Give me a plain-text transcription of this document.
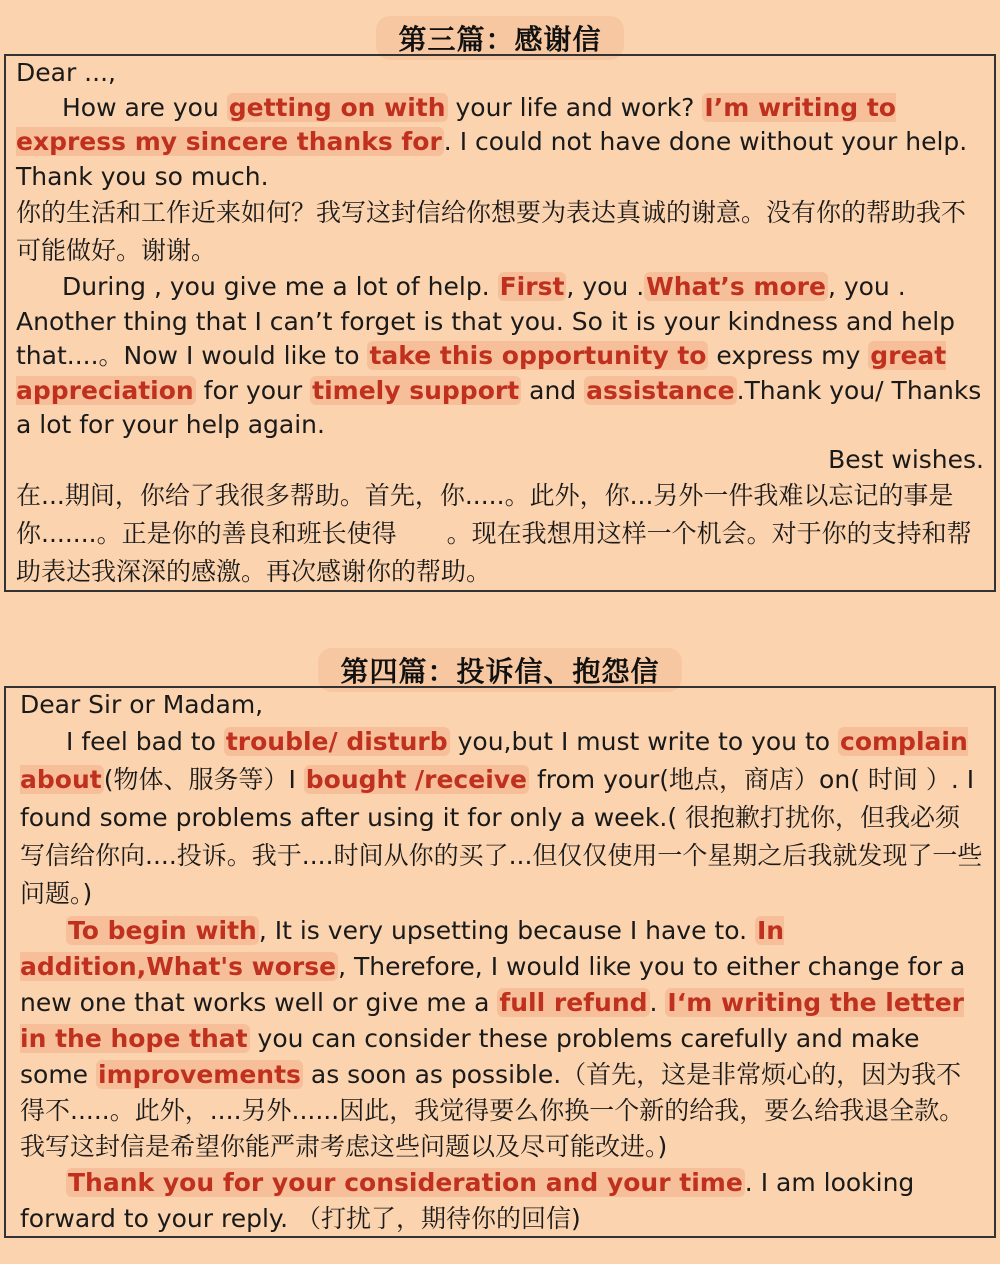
第三篇：感谢信

Dear ...,

How are you getting on with your life and work? I’m writing to express my sincere thanks for. I could not have done without your help. Thank you so much.

你的生活和工作近来如何？我写这封信给你想要为表达真诚的谢意。没有你的帮助我不可能做好。谢谢。

During , you give me a lot of help. First, you .What’s more, you . Another thing that I can’t forget is that you. So it is your kindness and help that....。Now I would like to take this opportunity to express my great appreciation for your timely support and assistance.Thank you/ Thanks a lot for your help again.

Best wishes.

在...期间，你给了我很多帮助。首先，你.....。此外，你...另外一件我难以忘记的事是你.......。正是你的善良和班长使得　　。现在我想用这样一个机会。对于你的支持和帮助表达我深深的感激。再次感谢你的帮助。

第四篇：投诉信、抱怨信

Dear Sir or Madam,

I feel bad to trouble/ disturb you,but I must write to you to complain about(物体、服务等）I bought /receive from your(地点，商店）on( 时间 ）. I found some problems after using it for only a week.( 很抱歉打扰你，但我必须写信给你向....投诉。我于....时间从你的买了...但仅仅使用一个星期之后我就发现了一些问题。)

To begin with, It is very upsetting because I have to. In addition,What's worse, Therefore, I would like you to either change for a new one that works well or give me a full refund. I‘m writing the letter in the hope that you can consider these problems carefully and make some improvements as soon as possible.（首先，这是非常烦心的，因为我不得不.....。此外，....另外......因此，我觉得要么你换一个新的给我，要么给我退全款。我写这封信是希望你能严肃考虑这些问题以及尽可能改进。)

Thank you for your consideration and your time. I am looking forward to your reply. （打扰了，期待你的回信)
